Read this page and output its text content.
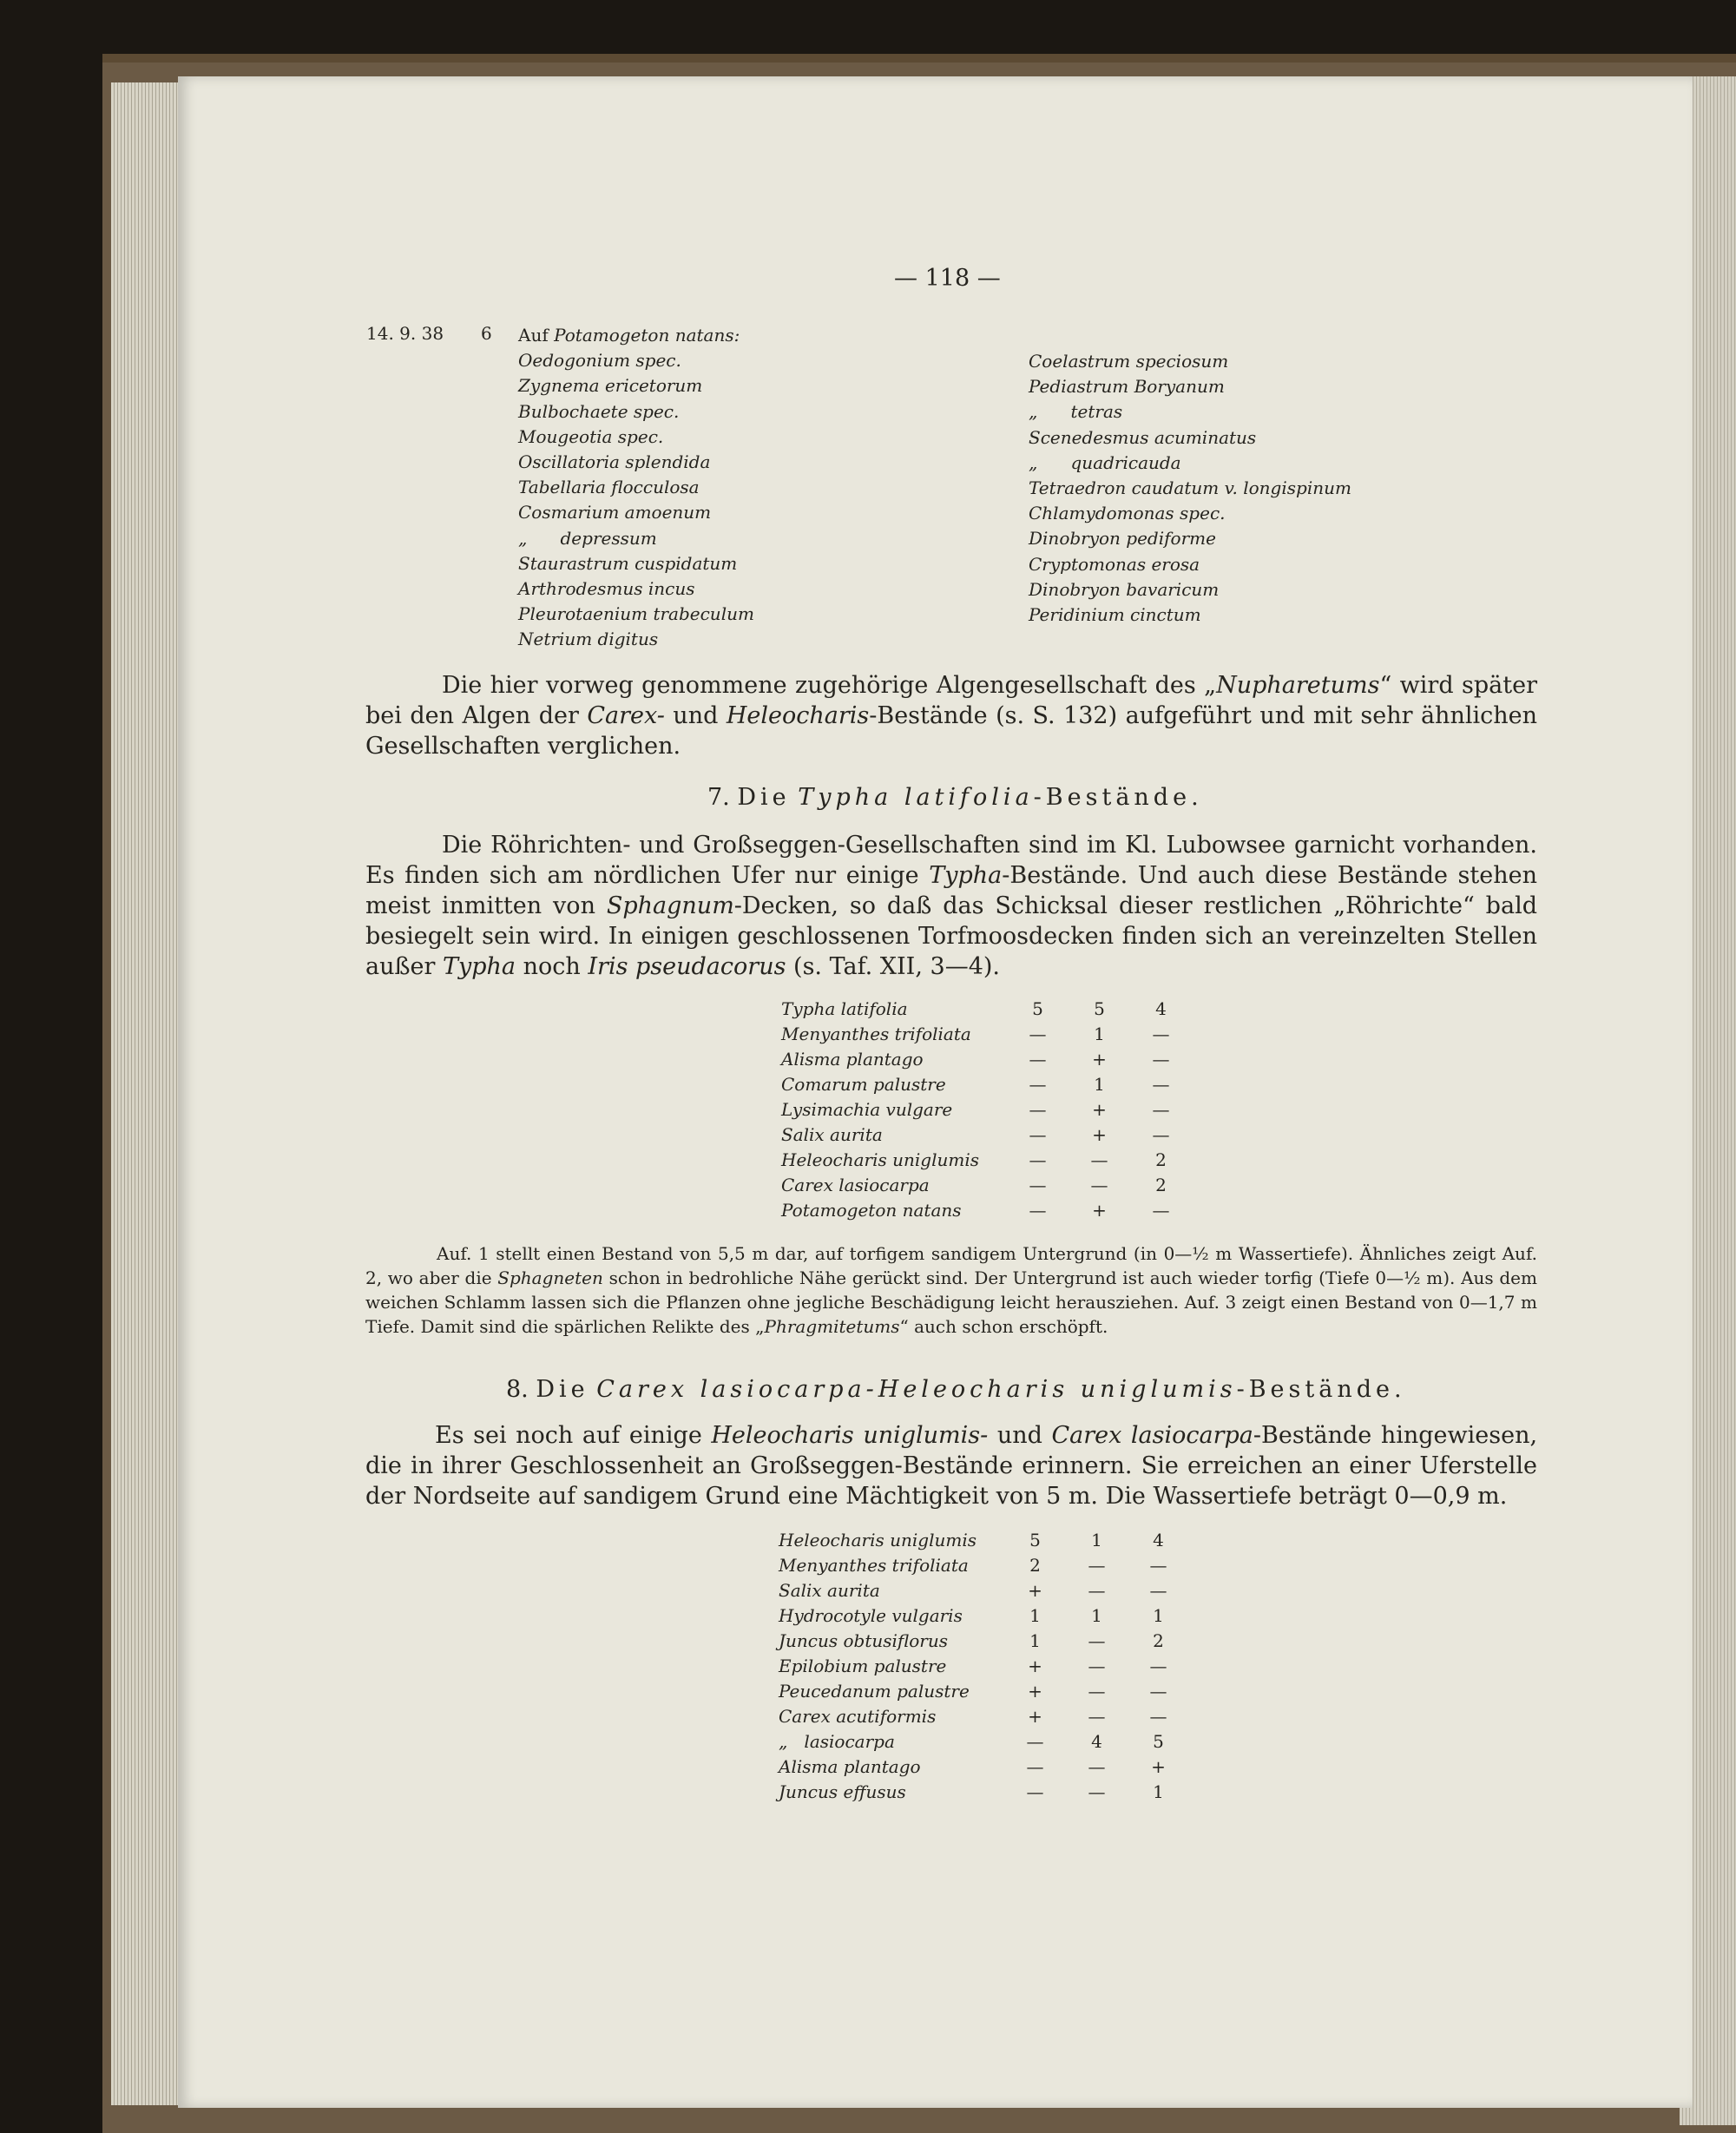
— 118 —
14. 9. 38 6 Auf Potamogeton natans:
Oedogonium spec.
Zygnema ericetorum
Bulbochaete spec.
Mougeotia spec.
Oscillatoria splendida
Tabellaria flocculosa
Cosmarium amoenum
„      depressum
Staurastrum cuspidatum
Arthrodesmus incus
Pleurotaenium trabeculum
Netrium digitus
Coelastrum speciosum
Pediastrum Boryanum
„      tetras
Scenedesmus acuminatus
„      quadricauda
Tetraedron caudatum v. longispinum
Chlamydomonas spec.
Dinobryon pediforme
Cryptomonas erosa
Dinobryon bavaricum
Peridinium cinctum
Die hier vorweg genommene zugehörige Algengesellschaft des „Nupharetums“ wird später bei den Algen der Carex- und Heleocharis-Bestände (s. S. 132) aufgeführt und mit sehr ähnlichen Gesellschaften verglichen.
7. Die Typha latifolia-Bestände.
Die Röhrichten- und Großseggen-Gesellschaften sind im Kl. Lubowsee garnicht vorhanden. Es finden sich am nördlichen Ufer nur einige Typha-Bestände. Und auch diese Bestände stehen meist inmitten von Sphagnum-Decken, so daß das Schicksal dieser restlichen „Röhrichte“ bald besiegelt sein wird. In einigen geschlossenen Torfmoosdecken finden sich an vereinzelten Stellen außer Typha noch Iris pseudacorus (s. Taf. XII, 3—4).
Typha latifolia	5	5	4
Menyanthes trifoliata	—	1	—
Alisma plantago	—	+	—
Comarum palustre	—	1	—
Lysimachia vulgare	—	+	—
Salix aurita	—	+	—
Heleocharis uniglumis	—	—	2
Carex lasiocarpa	—	—	2
Potamogeton natans	—	+	—
Auf. 1 stellt einen Bestand von 5,5 m dar, auf torfigem sandigem Untergrund (in 0—½ m Wassertiefe). Ähnliches zeigt Auf. 2, wo aber die Sphagneten schon in bedrohliche Nähe gerückt sind. Der Untergrund ist auch wieder torfig (Tiefe 0—½ m). Aus dem weichen Schlamm lassen sich die Pflanzen ohne jegliche Beschädigung leicht herausziehen. Auf. 3 zeigt einen Bestand von 0—1,7 m Tiefe. Damit sind die spärlichen Relikte des „Phragmitetums“ auch schon erschöpft.
8. Die Carex lasiocarpa-Heleocharis uniglumis-Bestände.
Es sei noch auf einige Heleocharis uniglumis- und Carex lasiocarpa-Bestände hingewiesen, die in ihrer Geschlossenheit an Großseggen-Bestände erinnern. Sie erreichen an einer Uferstelle der Nordseite auf sandigem Grund eine Mächtigkeit von 5 m. Die Wassertiefe beträgt 0—0,9 m.
Heleocharis uniglumis	5	1	4
Menyanthes trifoliata	2	—	—
Salix aurita	+	—	—
Hydrocotyle vulgaris	1	1	1
Juncus obtusiflorus	1	—	2
Epilobium palustre	+	—	—
Peucedanum palustre	+	—	—
Carex acutiformis	+	—	—
„   lasiocarpa	—	4	5
Alisma plantago	—	—	+
Juncus effusus	—	—	1
